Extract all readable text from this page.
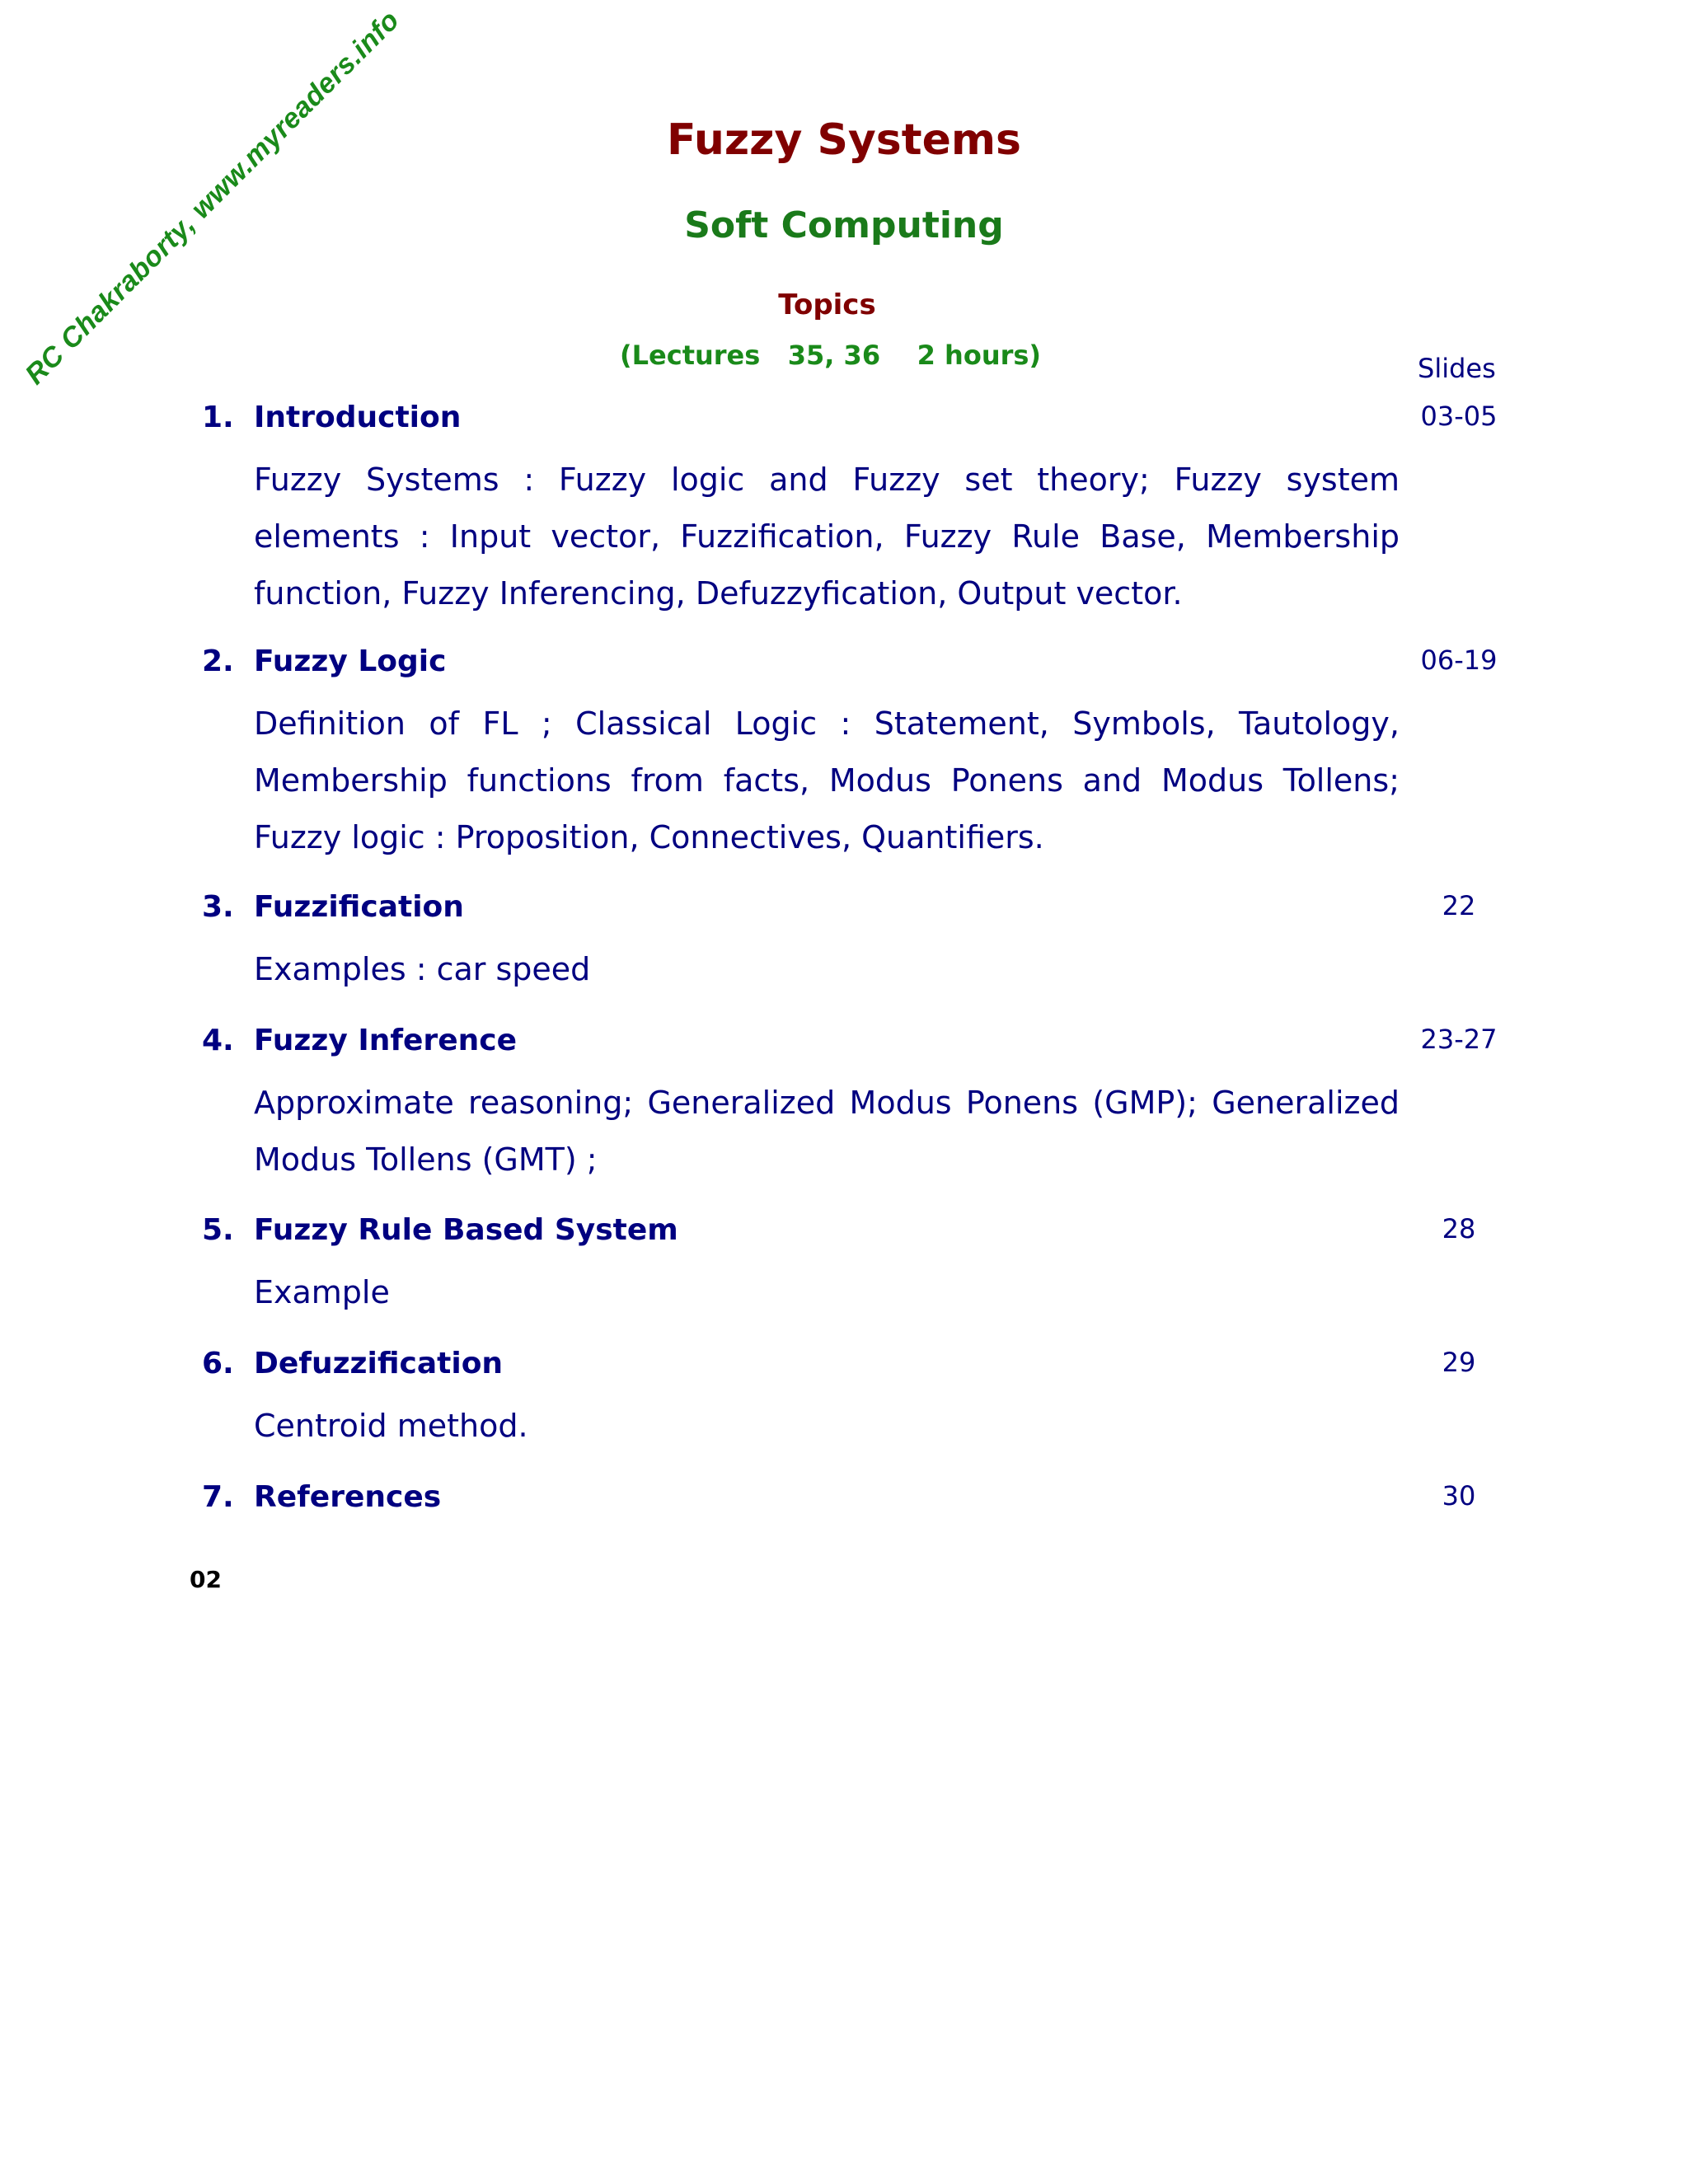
RC Chakraborty, www.myreaders.info	Fuzzy Systems
Soft Computing
Topics
(Lectures   35, 36    2 hours)	Slides
1. Introduction	03-05
Fuzzy Systems : Fuzzy logic and Fuzzy set theory; Fuzzy system elements : Input vector, Fuzzification, Fuzzy Rule Base, Membership function, Fuzzy Inferencing, Defuzzyfication, Output vector.
2. Fuzzy Logic	06-19
Definition of FL ; Classical Logic : Statement, Symbols, Tautology, Membership functions from facts, Modus Ponens and Modus Tollens; Fuzzy logic : Proposition, Connectives, Quantifiers.
3. Fuzzification	22
Examples : car speed
4. Fuzzy Inference	23-27
Approximate reasoning; Generalized Modus Ponens (GMP); Generalized Modus Tollens (GMT) ;
5. Fuzzy Rule Based System	28
Example
6. Defuzzification	29
Centroid method.
7. References	30
02
